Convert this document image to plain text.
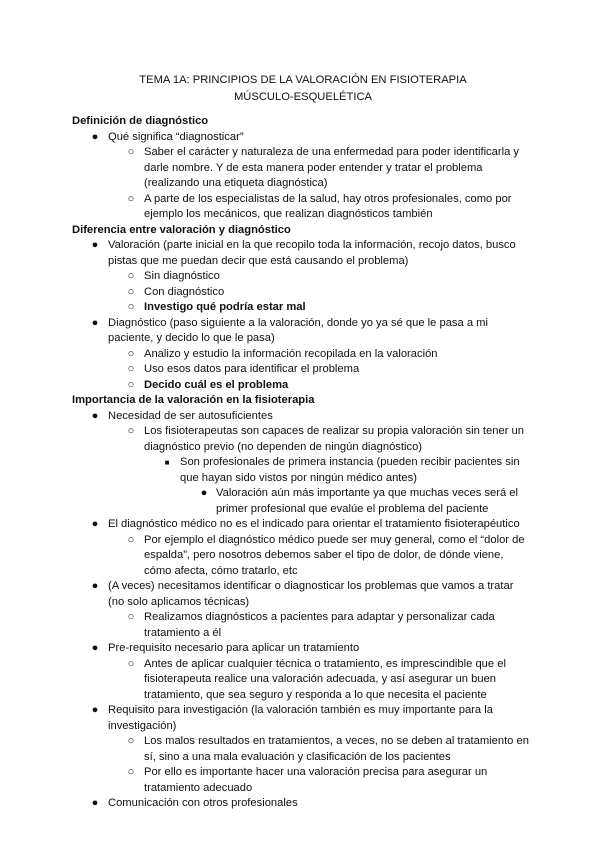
TEMA 1A: PRINCIPIOS DE LA VALORACIÓN EN FISIOTERAPIA
MÚSCULO-ESQUELÉTICA
Definición de diagnóstico
● Qué significa “diagnosticar”
○ Saber el carácter y naturaleza de una enfermedad para poder identificarla y darle nombre. Y de esta manera poder entender y tratar el problema (realizando una etiqueta diagnóstica)
○ A parte de los especialistas de la salud, hay otros profesionales, como por ejemplo los mecánicos, que realizan diagnósticos también
Diferencia entre valoración y diagnóstico
● Valoración (parte inicial en la que recopilo toda la información, recojo datos, busco pistas que me puedan decir que está causando el problema)
○ Sin diagnóstico
○ Con diagnóstico
○ Investigo qué podría estar mal
● Diagnóstico (paso siguiente a la valoración, donde yo ya sé que le pasa a mi paciente, y decido lo que le pasa)
○ Analizo y estudio la información recopilada en la valoración
○ Uso esos datos para identificar el problema
○ Decido cuál es el problema
Importancia de la valoración en la fisioterapia
● Necesidad de ser autosuficientes
○ Los fisioterapeutas son capaces de realizar su propia valoración sin tener un diagnóstico previo (no dependen de ningún diagnóstico)
■ Son profesionales de primera instancia (pueden recibir pacientes sin que hayan sido vistos por ningún médico antes)
● Valoración aún más importante ya que muchas veces será el primer profesional que evalúe el problema del paciente
● El diagnóstico médico no es el indicado para orientar el tratamiento fisioterapéutico
○ Por ejemplo el diagnóstico médico puede ser muy general, como el “dolor de espalda”, pero nosotros debemos saber el tipo de dolor, de dónde viene, cómo afecta, cómo tratarlo, etc
● (A veces) necesitamos identificar o diagnosticar los problemas que vamos a tratar (no solo aplicamos técnicas)
○ Realizamos diagnósticos a pacientes para adaptar y personalizar cada tratamiento a él
● Pre-requisito necesario para aplicar un tratamiento
○ Antes de aplicar cualquier técnica o tratamiento, es imprescindible que el fisioterapeuta realice una valoración adecuada, y así asegurar un buen tratamiento, que sea seguro y responda a lo que necesita el paciente
● Requisito para investigación (la valoración también es muy importante para la investigación)
○ Los malos resultados en tratamientos, a veces, no se deben al tratamiento en sí, sino a una mala evaluación y clasificación de los pacientes
○ Por ello es importante hacer una valoración precisa para asegurar un tratamiento adecuado
● Comunicación con otros profesionales
